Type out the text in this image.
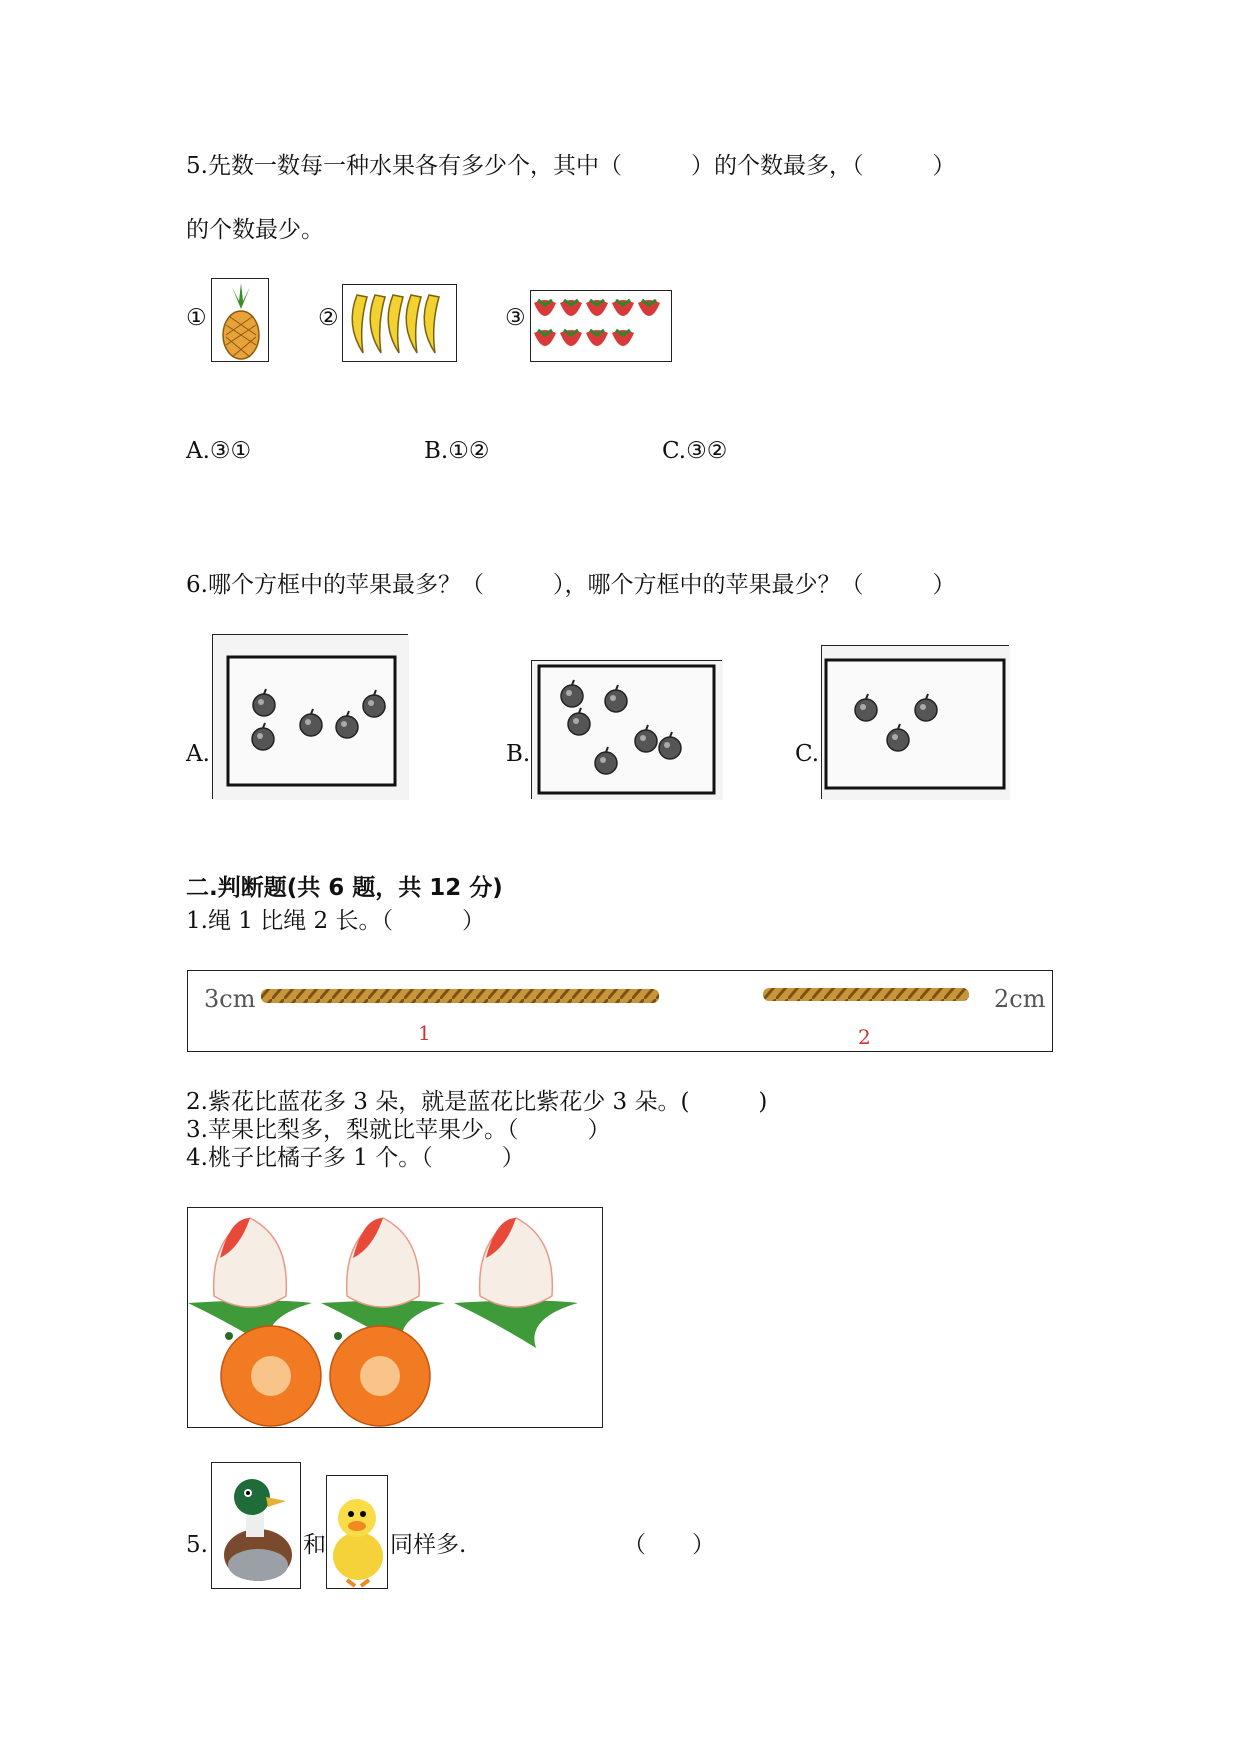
5.先数一数每一种水果各有多少个，其中（　　　）的个数最多，（　　　）
的个数最少。
①	②	③
A.③①	B.①②	C.③②
6.哪个方框中的苹果最多？（　　　），哪个方框中的苹果最少？（　　　）
A.	B.	C.
二.判断题(共 6 题，共 12 分)
1.绳 1 比绳 2 长。（　　　）
3cm
1
2cm
2
2.紫花比蓝花多 3 朵，就是蓝花比紫花少 3 朵。(　　　)
3.苹果比梨多，梨就比苹果少。（　　　）
4.桃子比橘子多 1 个。（　　　）
5.	和	同样多.	（　　）
